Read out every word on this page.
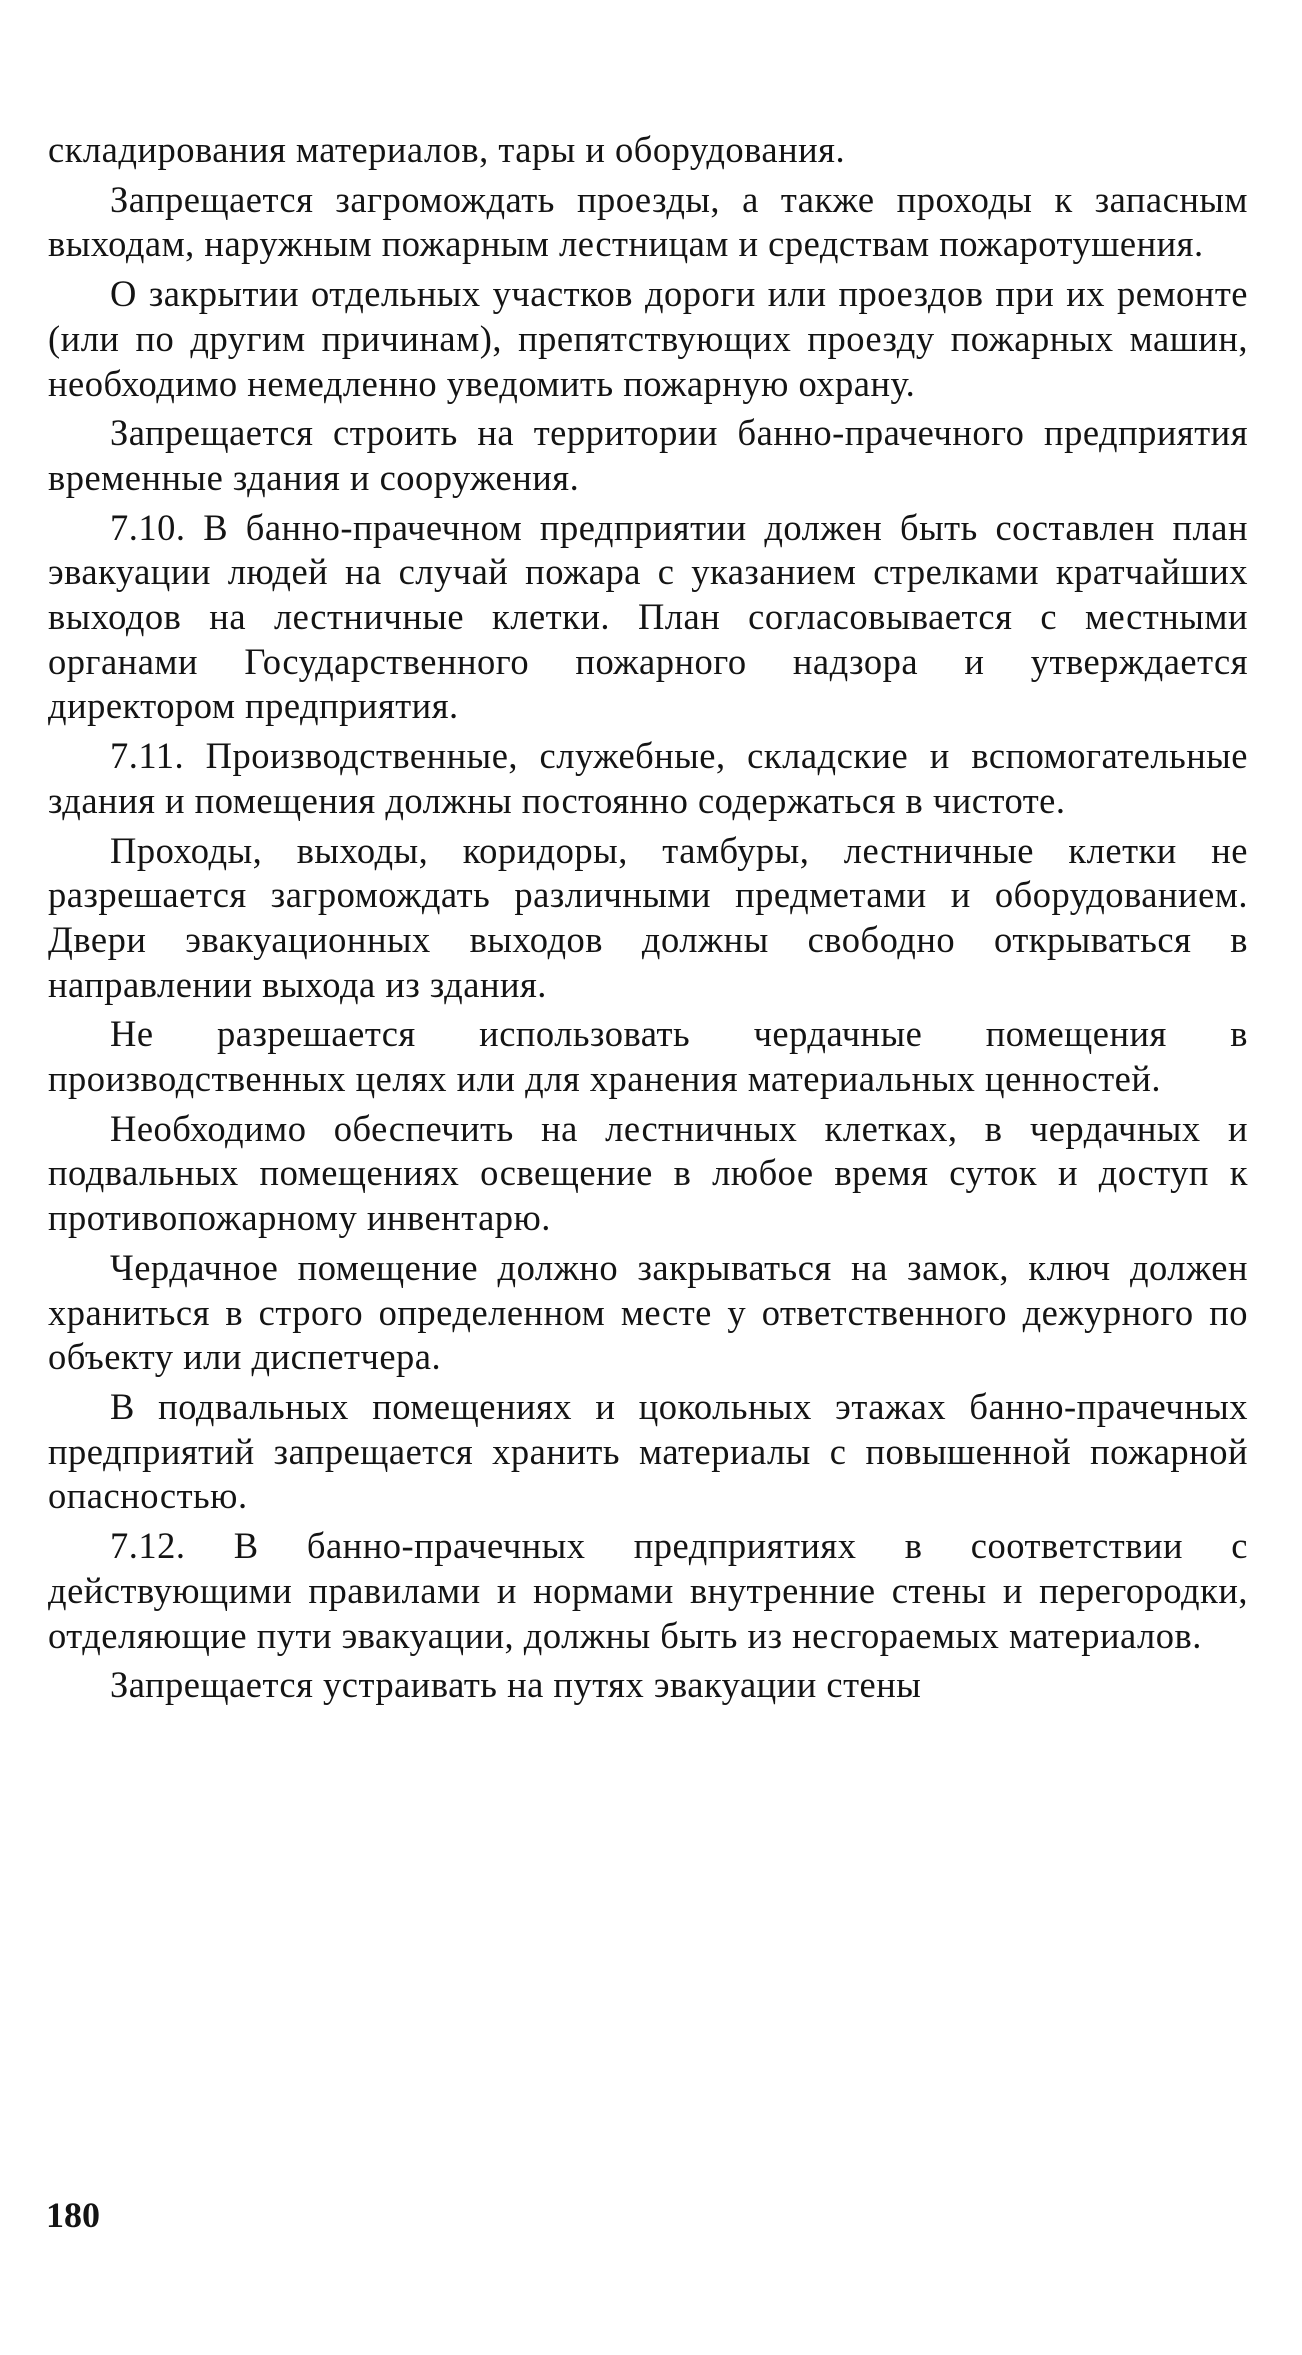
складирования материалов, тары и оборудования.

Запрещается загромождать проезды, а также проходы к запасным выходам, наружным пожарным лестницам и средствам пожаротушения.

О закрытии отдельных участков дороги или проездов при их ремонте (или по другим причинам), препятствующих проезду пожарных машин, необходимо немедленно уведомить пожарную охрану.

Запрещается строить на территории банно-прачечного предприятия временные здания и сооружения.

7.10. В банно-прачечном предприятии должен быть составлен план эвакуации людей на случай пожара с указанием стрелками кратчайших выходов на лестничные клетки. План согласовывается с местными органами Государственного пожарного надзора и утверждается директором предприятия.

7.11. Производственные, служебные, складские и вспомогательные здания и помещения должны постоянно содержаться в чистоте.

Проходы, выходы, коридоры, тамбуры, лестничные клетки не разрешается загромождать различными предметами и оборудованием. Двери эвакуационных выходов должны свободно открываться в направлении выхода из здания.

Не разрешается использовать чердачные помещения в производственных целях или для хранения материальных ценностей.

Необходимо обеспечить на лестничных клетках, в чердачных и подвальных помещениях освещение в любое время суток и доступ к противопожарному инвентарю.

Чердачное помещение должно закрываться на замок, ключ должен храниться в строго определенном месте у ответственного дежурного по объекту или диспетчера.

В подвальных помещениях и цокольных этажах банно-прачечных предприятий запрещается хранить материалы с повышенной пожарной опасностью.

7.12. В банно-прачечных предприятиях в соответствии с действующими правилами и нормами внутренние стены и перегородки, отделяющие пути эвакуации, должны быть из несгораемых материалов.

Запрещается устраивать на путях эвакуации стены

180
